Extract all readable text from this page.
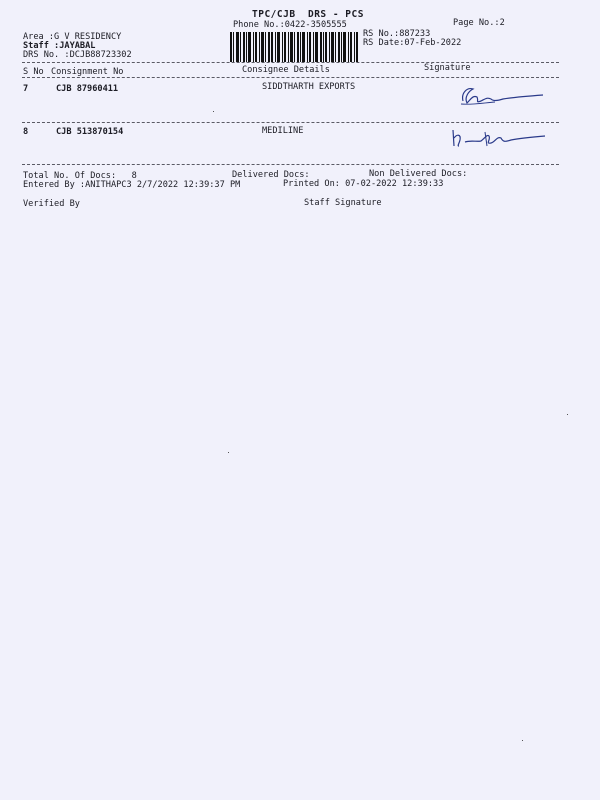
TPC/CJB  DRS - PCS
Phone No.:0422-3505555	Page No.:2
Area :G V RESIDENCY
Staff :JAYABAL
DRS No. :DCJB88723302
RS No.:887233
RS Date:07-Feb-2022
S No Consignment No	Consignee Details	Signature
7	CJB 87960411	SIDDTHARTH EXPORTS
8	CJB 513870154	MEDILINE
Total No. Of Docs:   8	Delivered Docs:	Non Delivered Docs:
Entered By :ANITHAPC3 2/7/2022 12:39:37 PM	Printed On: 07-02-2022 12:39:33
Verified By	Staff Signature
